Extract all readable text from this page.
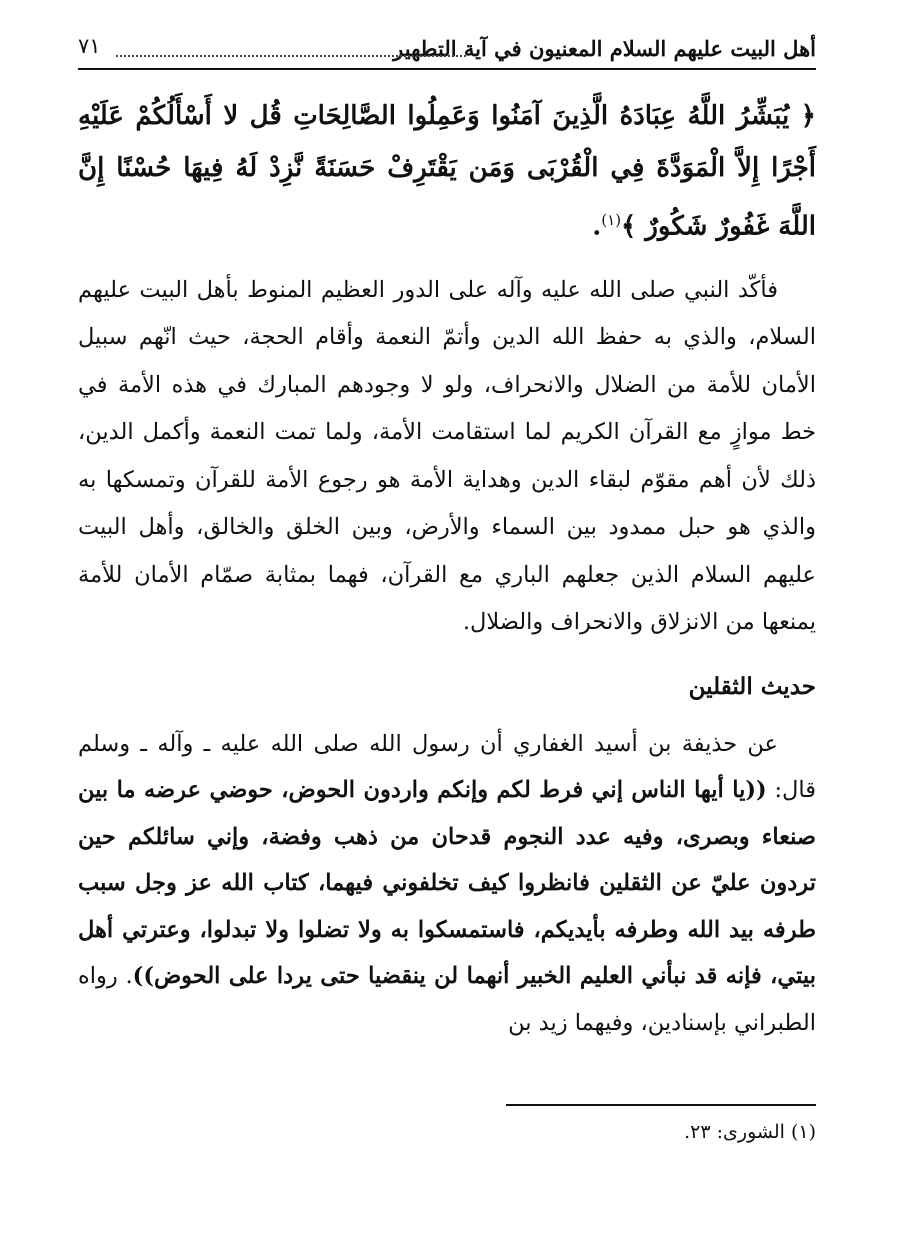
أهل البيت عليهم السلام المعنيون في آية التطهير
٧١
﴿ يُبَشِّرُ اللَّهُ عِبَادَهُ الَّذِينَ آمَنُوا وَعَمِلُوا الصَّالِحَاتِ قُل لا أَسْأَلُكُمْ عَلَيْهِ أَجْرًا إِلاَّ الْمَوَدَّةَ فِي الْقُرْبَى وَمَن يَقْتَرِفْ حَسَنَةً نَّزِدْ لَهُ فِيهَا حُسْنًا إِنَّ اللَّهَ غَفُورٌ شَكُورٌ ﴾$^{(١)}$.

فأكّد النبي صلى الله عليه وآله على الدور العظيم المنوط بأهل البيت عليهم السلام، والذي به حفظ الله الدين وأتمّ النعمة وأقام الحجة، حيث انّهم سبيل الأمان للأمة من الضلال والانحراف، ولو لا وجودهم المبارك في هذه الأمة في خط موازٍ مع القرآن الكريم لما استقامت الأمة، ولما تمت النعمة وأكمل الدين، ذلك لأن أهم مقوّم لبقاء الدين وهداية الأمة هو رجوع الأمة للقرآن وتمسكها به والذي هو حبل ممدود بين السماء والأرض، وبين الخلق والخالق، وأهل البيت عليهم السلام الذين جعلهم الباري مع القرآن، فهما بمثابة صمّام الأمان للأمة يمنعها من الانزلاق والانحراف والضلال.

حديث الثقلين

عن حذيفة بن أسيد الغفاري أن رسول الله صلى الله عليه ـ وآله ـ وسلم قال: ((يا أيها الناس إني فرط لكم وإنكم واردون الحوض، حوضي عرضه ما بين صنعاء وبصرى، وفيه عدد النجوم قدحان من ذهب وفضة، وإني سائلكم حين تردون عليّ عن الثقلين فانظروا كيف تخلفوني فيهما، كتاب الله عز وجل سبب طرفه بيد الله وطرفه بأيديكم، فاستمسكوا به ولا تضلوا ولا تبدلوا، وعترتي أهل بيتي، فإنه قد نبأني العليم الخبير أنهما لن ينقضيا حتى يردا على الحوض)). رواه الطبراني بإسنادين، وفيهما زيد بن

(١) الشورى: ٢٣.
